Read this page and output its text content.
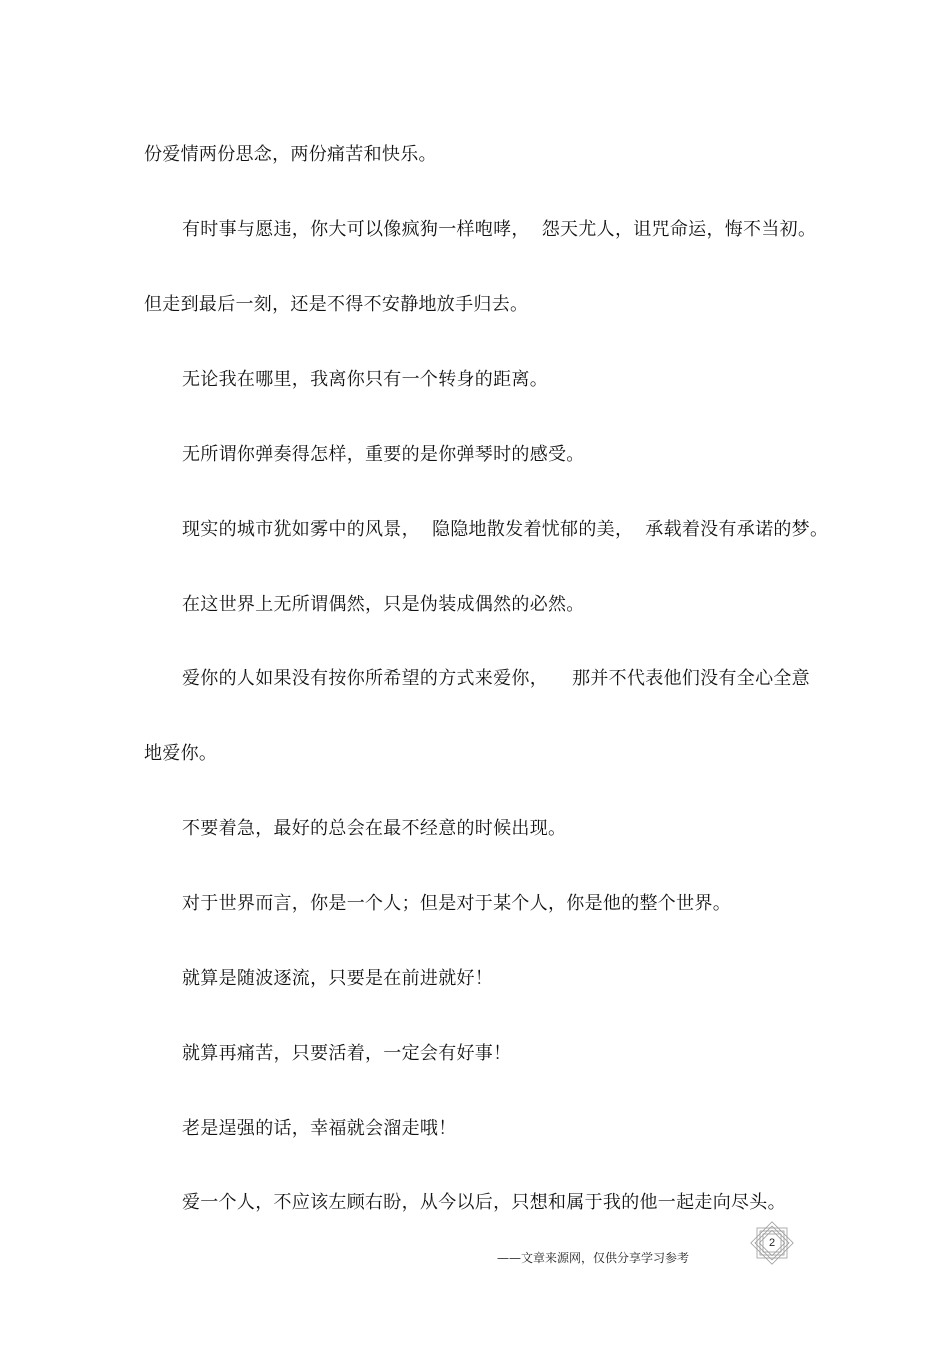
份爱情两份思念，两份痛苦和快乐。
有时事与愿违，你大可以像疯狗一样咆哮，  怨天尤人，诅咒命运，悔不当初。
但走到最后一刻，还是不得不安静地放手归去。
无论我在哪里，我离你只有一个转身的距离。
无所谓你弹奏得怎样，重要的是你弹琴时的感受。
现实的城市犹如雾中的风景，  隐隐地散发着忧郁的美，  承载着没有承诺的梦。
在这世界上无所谓偶然，只是伪装成偶然的必然。
爱你的人如果没有按你所希望的方式来爱你，    那并不代表他们没有全心全意
地爱你。
不要着急，最好的总会在最不经意的时候出现。
对于世界而言，你是一个人；但是对于某个人，你是他的整个世界。
就算是随波逐流，只要是在前进就好！
就算再痛苦，只要活着，一定会有好事！
老是逞强的话，幸福就会溜走哦！
爱一个人，不应该左顾右盼，从今以后，只想和属于我的他一起走向尽头。
——文章来源网，仅供分享学习参考
2
